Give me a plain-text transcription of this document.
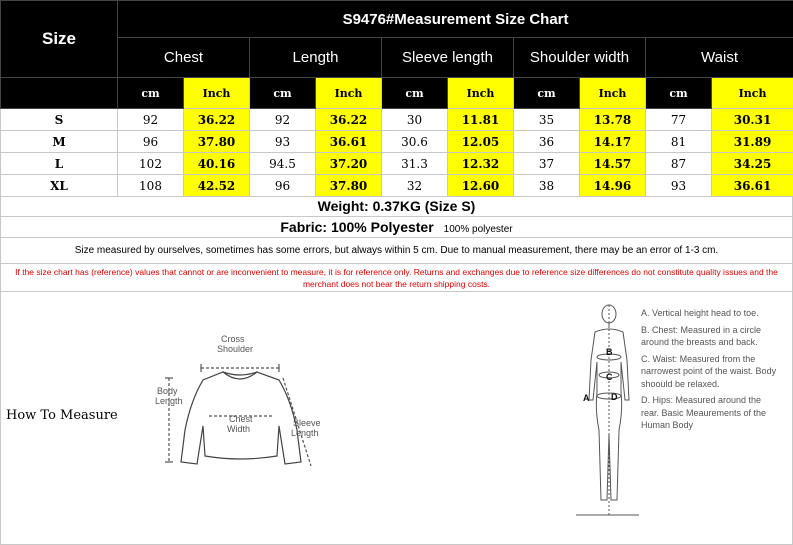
Size	S9476#Measurement Size Chart									
	Chest		Length		Sleeve length		Shoulder width		Waist	
	cm	Inch	cm	Inch	cm	Inch	cm	Inch	cm	Inch
S	92	36.22	92	36.22	30	11.81	35	13.78	77	30.31
M	96	37.80	93	36.61	30.6	12.05	36	14.17	81	31.89
L	102	40.16	94.5	37.20	31.3	12.32	37	14.57	87	34.25
XL	108	42.52	96	37.80	32	12.60	38	14.96	93	36.61
Weight: 0.37KG (Size S)
Fabric: 100% Polyester 100% polyester
Size measured by ourselves, sometimes has some errors, but always within 5 cm. Due to manual measurement, there may be an error of 1-3 cm.
If the size chart has (reference) values that cannot or are inconvenient to measure, it is for reference only. Returns and exchanges due to reference size differences do not constitute quality issues and the merchant does not bear the return shipping costs.
How To Measure
Cross
Shoulder
Body
Length
Chest
Width
Sleeve
Length
A
B
C
D
A. Vertical height head to toe.
B. Chest: Measured in a circle around the breasts and back.
C. Waist: Measured from the narrowest point of the waist. Body shoould be relaxed.
D. Hips: Measured around the rear. Basic Meaurements of the Human Body
